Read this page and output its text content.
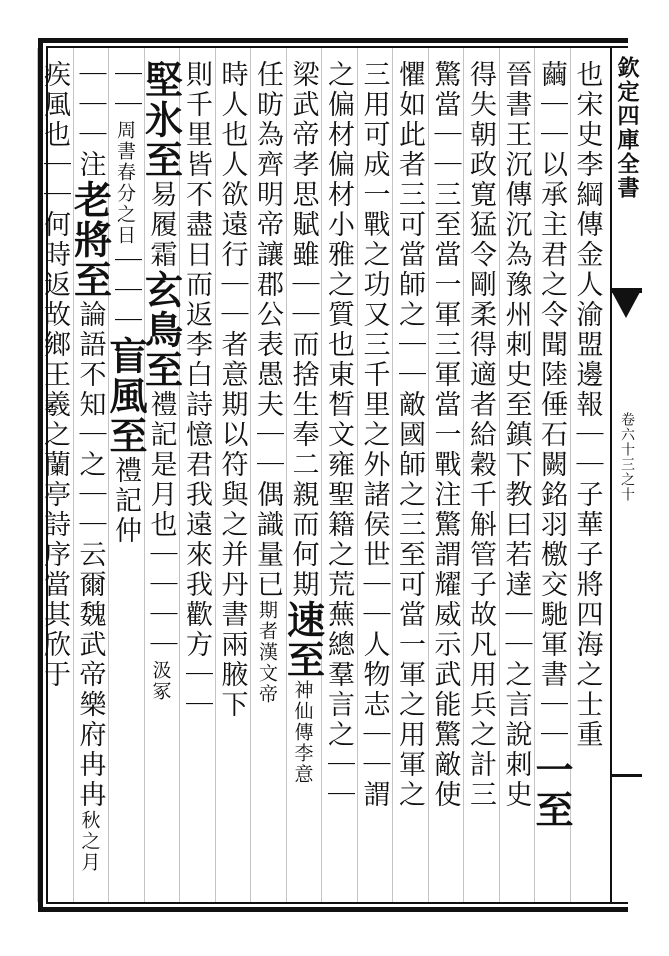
欽定四庫全書
卷六十三之十
也宋史李綱傳金人渝盟邊報｜｜子華子將四海之士重
繭｜｜以承主君之令聞陸倕石闕銘羽檄交馳軍書｜｜一至
晉書王沉傳沉為豫州刺史至鎮下教曰若達｜｜之言說刺史
得失朝政寛猛令剛柔得適者給穀千斛管子故凡用兵之計三
驚當｜｜三至當一軍三軍當一戰注驚謂耀威示武能驚敵使
懼如此者三可當師之｜｜敵國師之三至可當一軍之用軍之
三用可成一戰之功又三千里之外諸侯世｜｜人物志｜｜謂
之偏材偏材小雅之質也東晳文雍聖籍之荒蕪總羣言之｜｜
梁武帝孝思賦雖｜｜而捨生奉二親而何期速至神仙傳李意
任昉為齊明帝讓郡公表愚夫｜｜偶識量已期者漢文帝
時人也人欲遠行｜｜者意期以符與之并丹書兩腋下
則千里皆不盡日而返李白詩憶君我遠來我歡方｜｜
堅氷至易履霜玄鳥至禮記是月也｜｜｜｜汲冢
｜｜周書春分之日｜｜｜盲風至禮記仲
｜｜｜注老將至論語不知｜之｜｜云爾魏武帝樂府冉冉秋之月
疾風也｜｜何時返故鄉王羲之蘭亭詩序當其欣于
